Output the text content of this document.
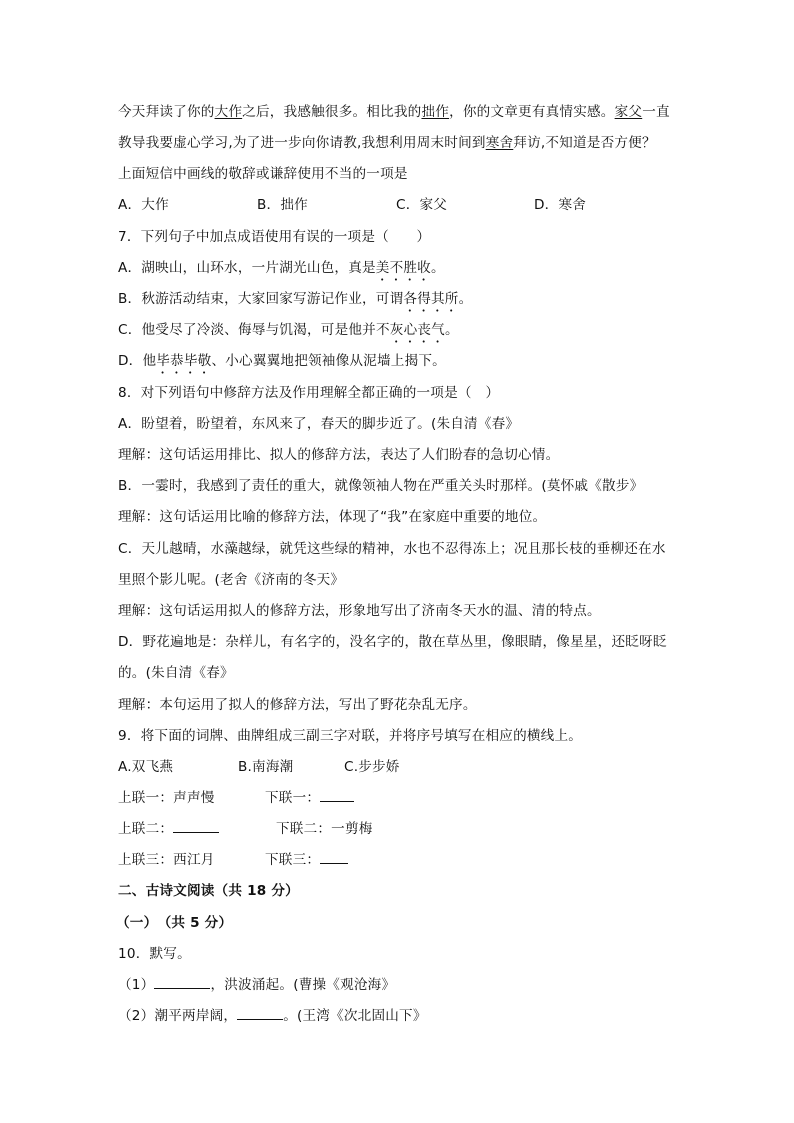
今天拜读了你的大作之后，我感触很多。相比我的拙作，你的文章更有真情实感。家父一直
教导我要虚心学习,为了进一步向你请教,我想利用周末时间到寒舍拜访,不知道是否方便？
上面短信中画线的敬辞或谦辞使用不当的一项是
A．大作	B．拙作	C．家父	D．寒舍
7．下列句子中加点成语使用有误的一项是（　　）
A．湖映山，山环水，一片湖光山色，真是美不胜收。
B．秋游活动结束，大家回家写游记作业，可谓各得其所。
C．他受尽了冷淡、侮辱与饥渴，可是他并不灰心丧气。
D．他毕恭毕敬、小心翼翼地把领袖像从泥墙上揭下。
8．对下列语句中修辞方法及作用理解全都正确的一项是（　）
A．盼望着，盼望着，东风来了，春天的脚步近了。(朱自清《春》
理解：这句话运用排比、拟人的修辞方法，表达了人们盼春的急切心情。
B．一霎时，我感到了责任的重大，就像领袖人物在严重关头时那样。(莫怀戚《散步》
理解：这句话运用比喻的修辞方法，体现了“我”在家庭中重要的地位。
C．天儿越晴，水藻越绿，就凭这些绿的精神，水也不忍得冻上；况且那长枝的垂柳还在水
里照个影儿呢。(老舍《济南的冬天》
理解：这句话运用拟人的修辞方法，形象地写出了济南冬天水的温、清的特点。
D．野花遍地是：杂样儿，有名字的，没名字的，散在草丛里，像眼睛，像星星，还眨呀眨
的。(朱自清《春》
理解：本句运用了拟人的修辞方法，写出了野花杂乱无序。
9．将下面的词牌、曲牌组成三副三字对联，并将序号填写在相应的横线上。
A.双飞燕	B.南海潮	C.步步娇
上联一：声声慢	下联一：
上联二：	下联二：一剪梅
上联三：西江月	下联三：
二、古诗文阅读（共 18 分）
（一）　（共 5 分）
10．默写。
（1）	，洪波涌起。(曹操《观沧海》
（2）潮平两岸阔，	。(王湾《次北固山下》
